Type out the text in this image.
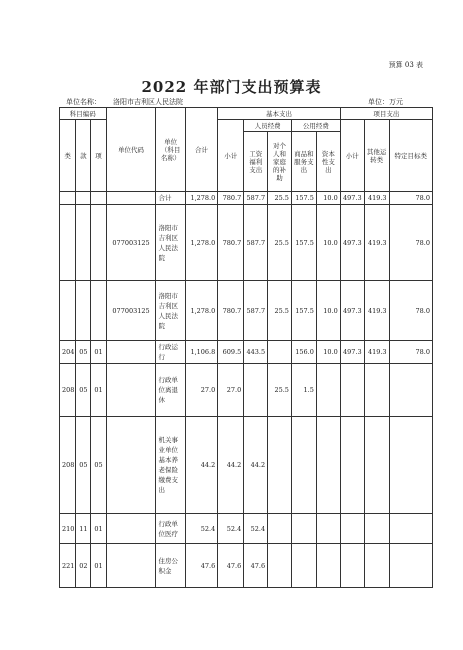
预算 03 表
2022 年部门支出预算表
单位名称： 洛阳市吉利区人民法院	单位：万元
科目编码			单位代码	单位（科目名称）	合计	基本支出					项目支出		
类	款	项				小计	人员经费		公用经费		小计	其他运转类	特定目标类
							工资福利支出	对个人和家庭的补助	商品和服务支出	资本性支出			
				合计	1,278.0	780.7	587.7	25.5	157.5	10.0	497.3	419.3	78.0
			077003125	洛阳市吉利区人民法院	1,278.0	780.7	587.7	25.5	157.5	10.0	497.3	419.3	78.0
			077003125	洛阳市吉利区人民法院	1,278.0	780.7	587.7	25.5	157.5	10.0	497.3	419.3	78.0
204	05	01		行政运行	1,106.8	609.5	443.5		156.0	10.0	497.3	419.3	78.0
208	05	01		行政单位离退休	27.0	27.0		25.5	1.5				
208	05	05		机关事业单位基本养老保险缴费支出	44.2	44.2	44.2						
210	11	01		行政单位医疗	52.4	52.4	52.4						
221	02	01		住房公积金	47.6	47.6	47.6						
